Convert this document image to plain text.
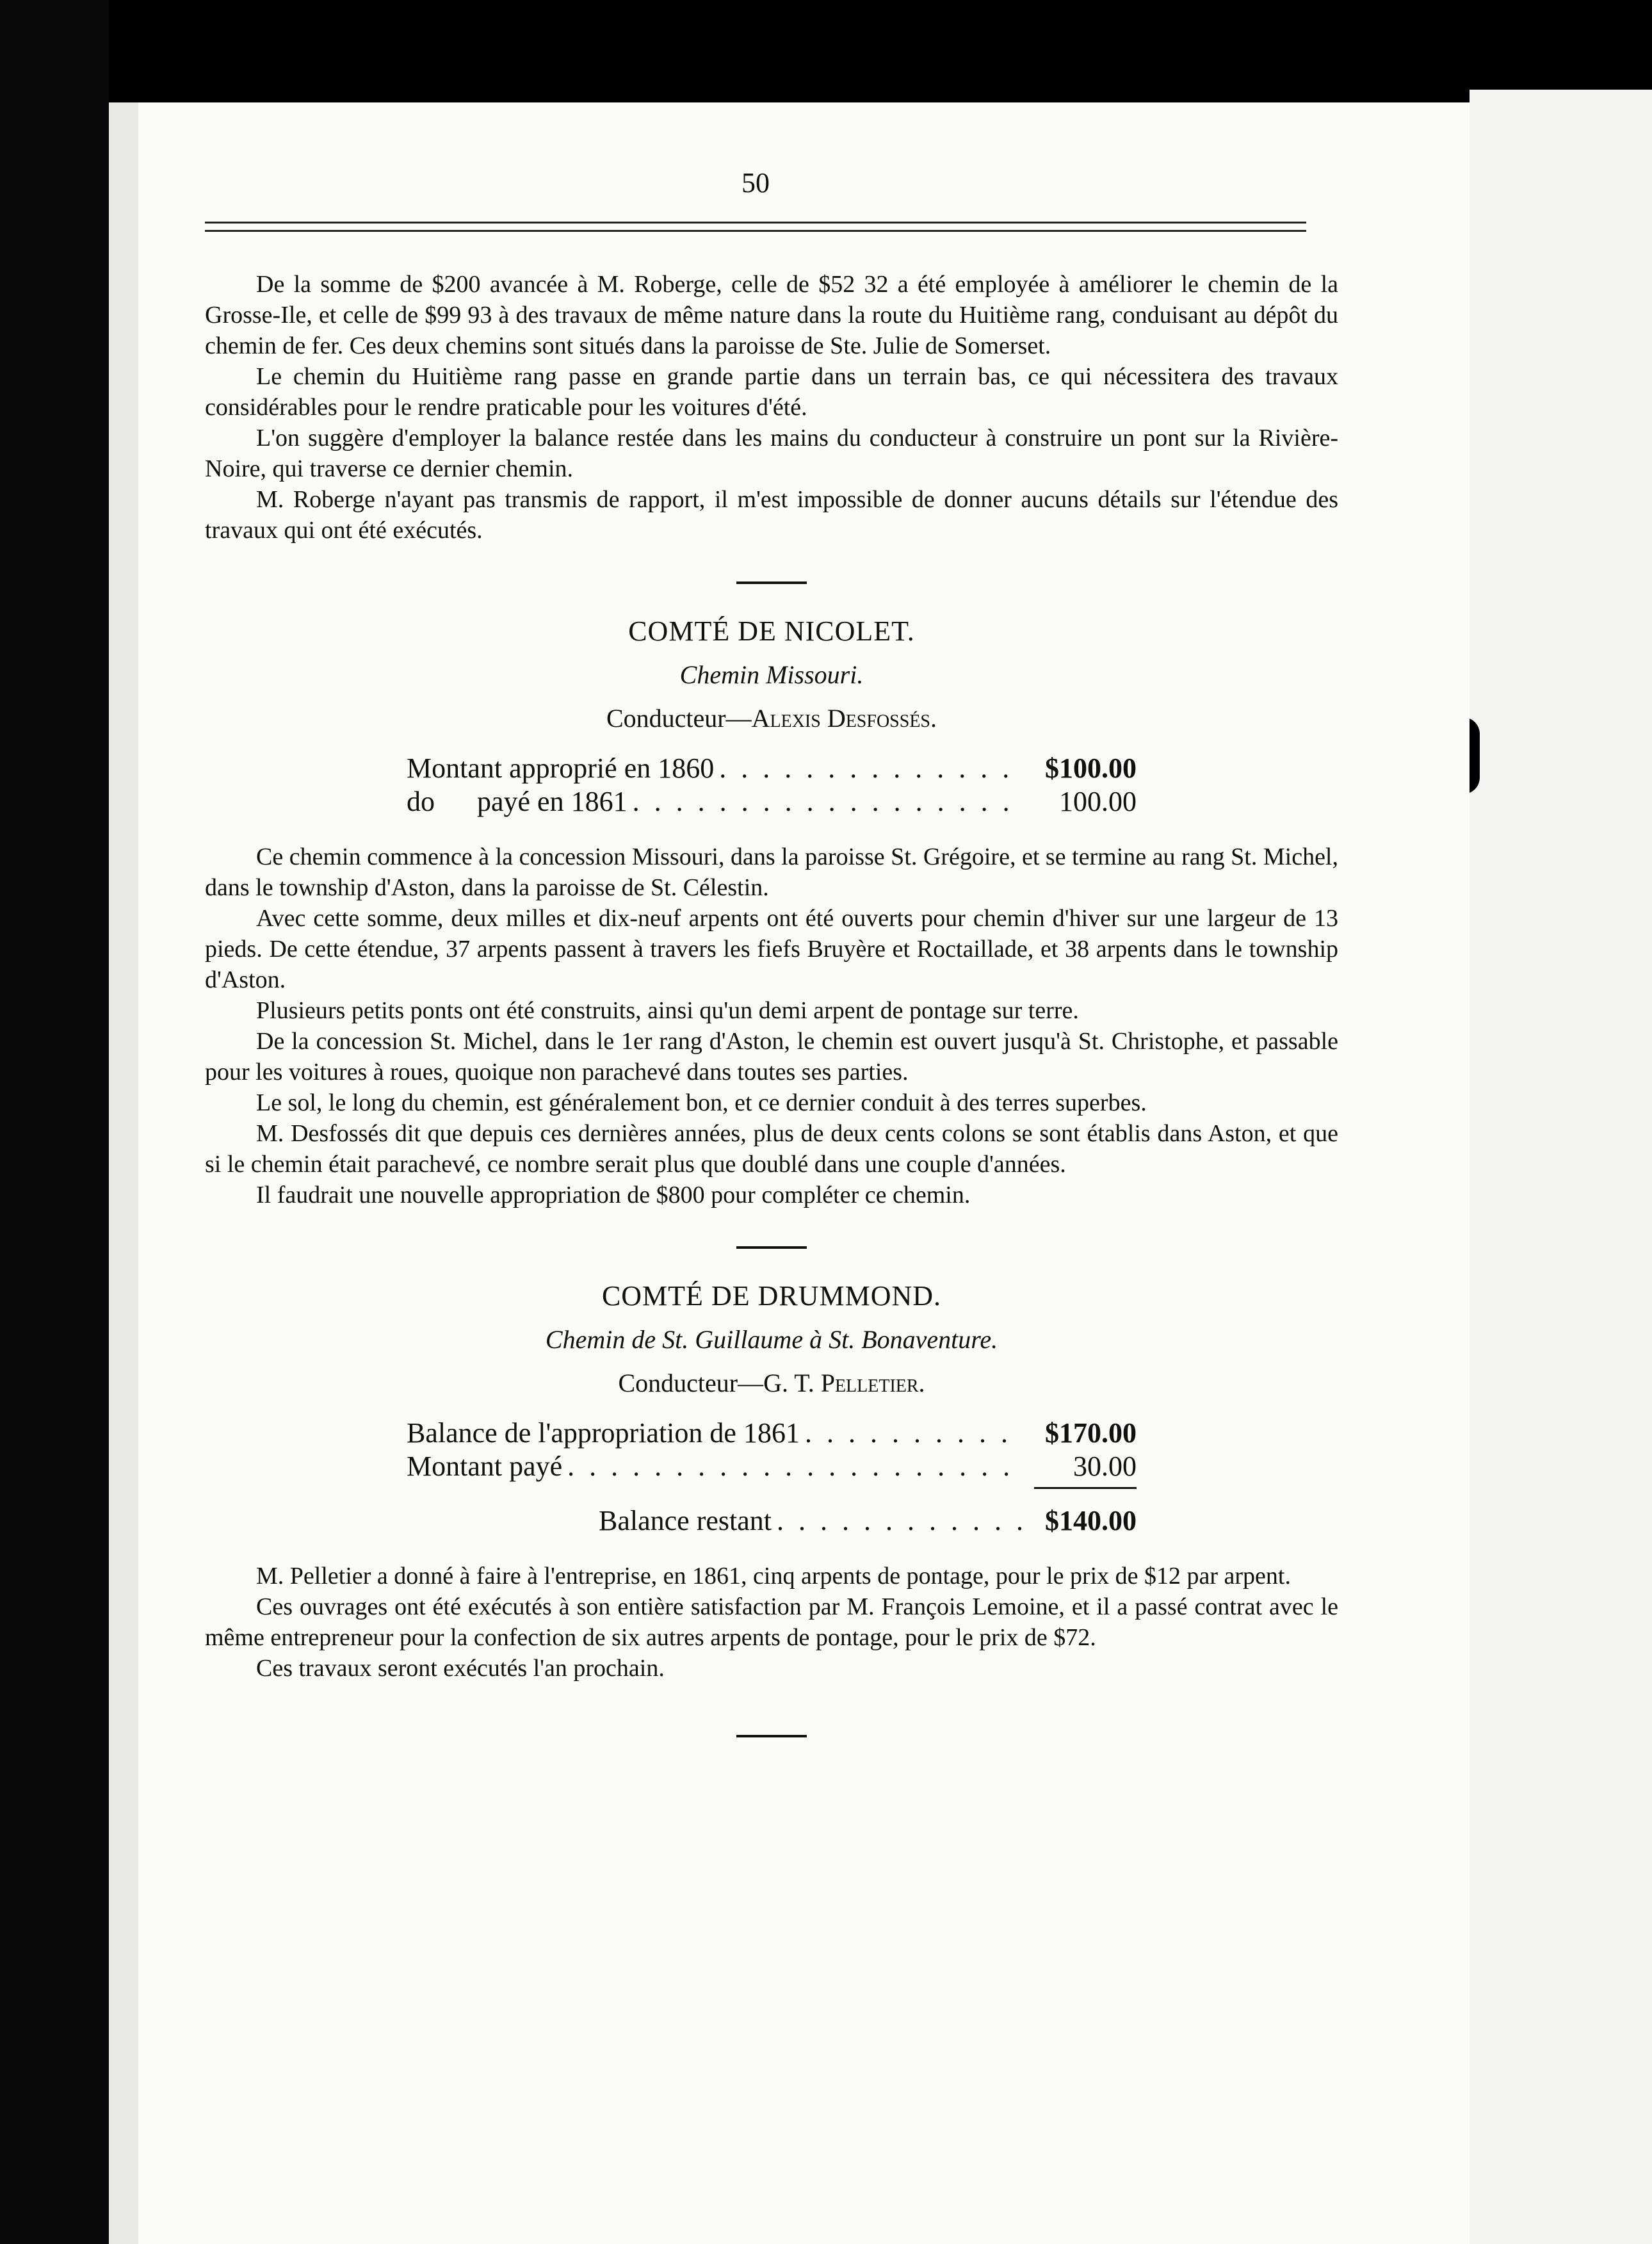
50

De la somme de $200 avancée à M. Roberge, celle de $52 32 a été employée à améliorer le chemin de la Grosse-Ile, et celle de $99 93 à des travaux de même nature dans la route du Huitième rang, conduisant au dépôt du chemin de fer. Ces deux chemins sont situés dans la paroisse de Ste. Julie de Somerset.

Le chemin du Huitième rang passe en grande partie dans un terrain bas, ce qui nécessitera des travaux considérables pour le rendre praticable pour les voitures d'été.

L'on suggère d'employer la balance restée dans les mains du conducteur à construire un pont sur la Rivière-Noire, qui traverse ce dernier chemin.

M. Roberge n'ayant pas transmis de rapport, il m'est impossible de donner aucuns détails sur l'étendue des travaux qui ont été exécutés.

COMTÉ DE NICOLET.
Chemin Missouri.
Conducteur—Alexis Desfossés.
Montant approprié en 1860 . . .	$100.00
do      payé en 1861 . . .	100.00

Ce chemin commence à la concession Missouri, dans la paroisse St. Grégoire, et se termine au rang St. Michel, dans le township d'Aston, dans la paroisse de St. Célestin.

Avec cette somme, deux milles et dix-neuf arpents ont été ouverts pour chemin d'hiver sur une largeur de 13 pieds. De cette étendue, 37 arpents passent à travers les fiefs Bruyère et Roctaillade, et 38 arpents dans le township d'Aston.

Plusieurs petits ponts ont été construits, ainsi qu'un demi arpent de pontage sur terre.

De la concession St. Michel, dans le 1er rang d'Aston, le chemin est ouvert jusqu'à St. Christophe, et passable pour les voitures à roues, quoique non parachevé dans toutes ses parties.

Le sol, le long du chemin, est généralement bon, et ce dernier conduit à des terres superbes.

M. Desfossés dit que depuis ces dernières années, plus de deux cents colons se sont établis dans Aston, et que si le chemin était parachevé, ce nombre serait plus que doublé dans une couple d'années.

Il faudrait une nouvelle appropriation de $800 pour compléter ce chemin.

COMTÉ DE DRUMMOND.
Chemin de St. Guillaume à St. Bonaventure.
Conducteur—G. T. Pelletier.
Balance de l'appropriation de 1861 . . .	$170.00
Montant payé . . .	30.00
Balance restant . . .	$140.00

M. Pelletier a donné à faire à l'entreprise, en 1861, cinq arpents de pontage, pour le prix de $12 par arpent.

Ces ouvrages ont été exécutés à son entière satisfaction par M. François Lemoine, et il a passé contrat avec le même entrepreneur pour la confection de six autres arpents de pontage, pour le prix de $72.

Ces travaux seront exécutés l'an prochain.
